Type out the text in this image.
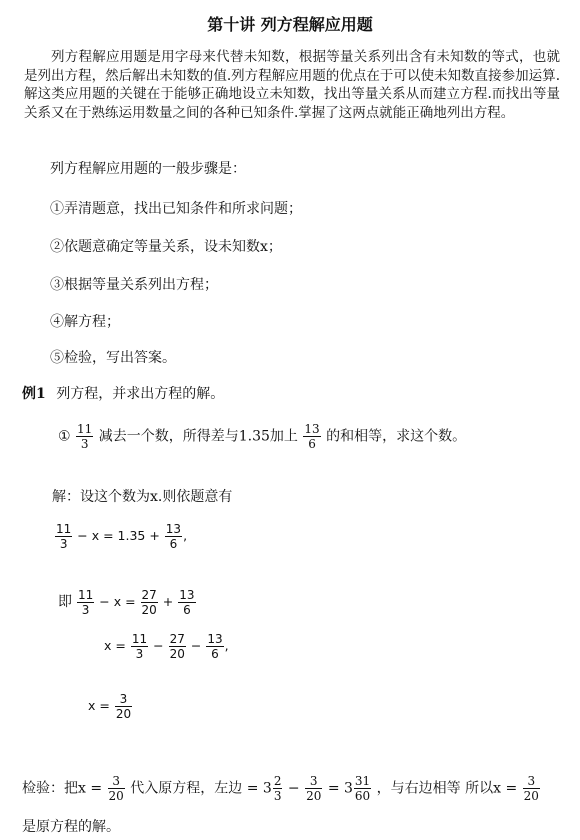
第十讲 列方程解应用题
列方程解应用题是用字母来代替未知数，根据等量关系列出含有未知数的等式，也就是列出方程，然后解出未知数的值.列方程解应用题的优点在于可以使未知数直接参加运算.解这类应用题的关键在于能够正确地设立未知数，找出等量关系从而建立方程.而找出等量关系又在于熟练运用数量之间的各种已知条件.掌握了这两点就能正确地列出方程。
列方程解应用题的一般步骤是：
①弄清题意，找出已知条件和所求问题；
②依题意确定等量关系，设未知数x；
③根据等量关系列出方程；
④解方程；
⑤检验，写出答案。
例1 列方程，并求出方程的解。
① $\frac{11}{3}$ 减去一个数，所得差与1.35加上 $\frac{13}{6}$ 的和相等，求这个数。
解：设这个数为x.则依题意有
$\frac{11}{3} - x = 1.35 + \frac{13}{6}$ ,
即 $\frac{11}{3} - x = \frac{27}{20} + \frac{13}{6}$
$x = \frac{11}{3} - \frac{27}{20} - \frac{13}{6}$ ,
$x = \frac{3}{20}$
检验：把$x = \frac{3}{20}$ 代入原方程，左边 = $3 \frac{2}{3} - \frac{3}{20} = 3 \frac{31}{60}$ ，与右边相等 所以$x = \frac{3}{20}$
是原方程的解。
